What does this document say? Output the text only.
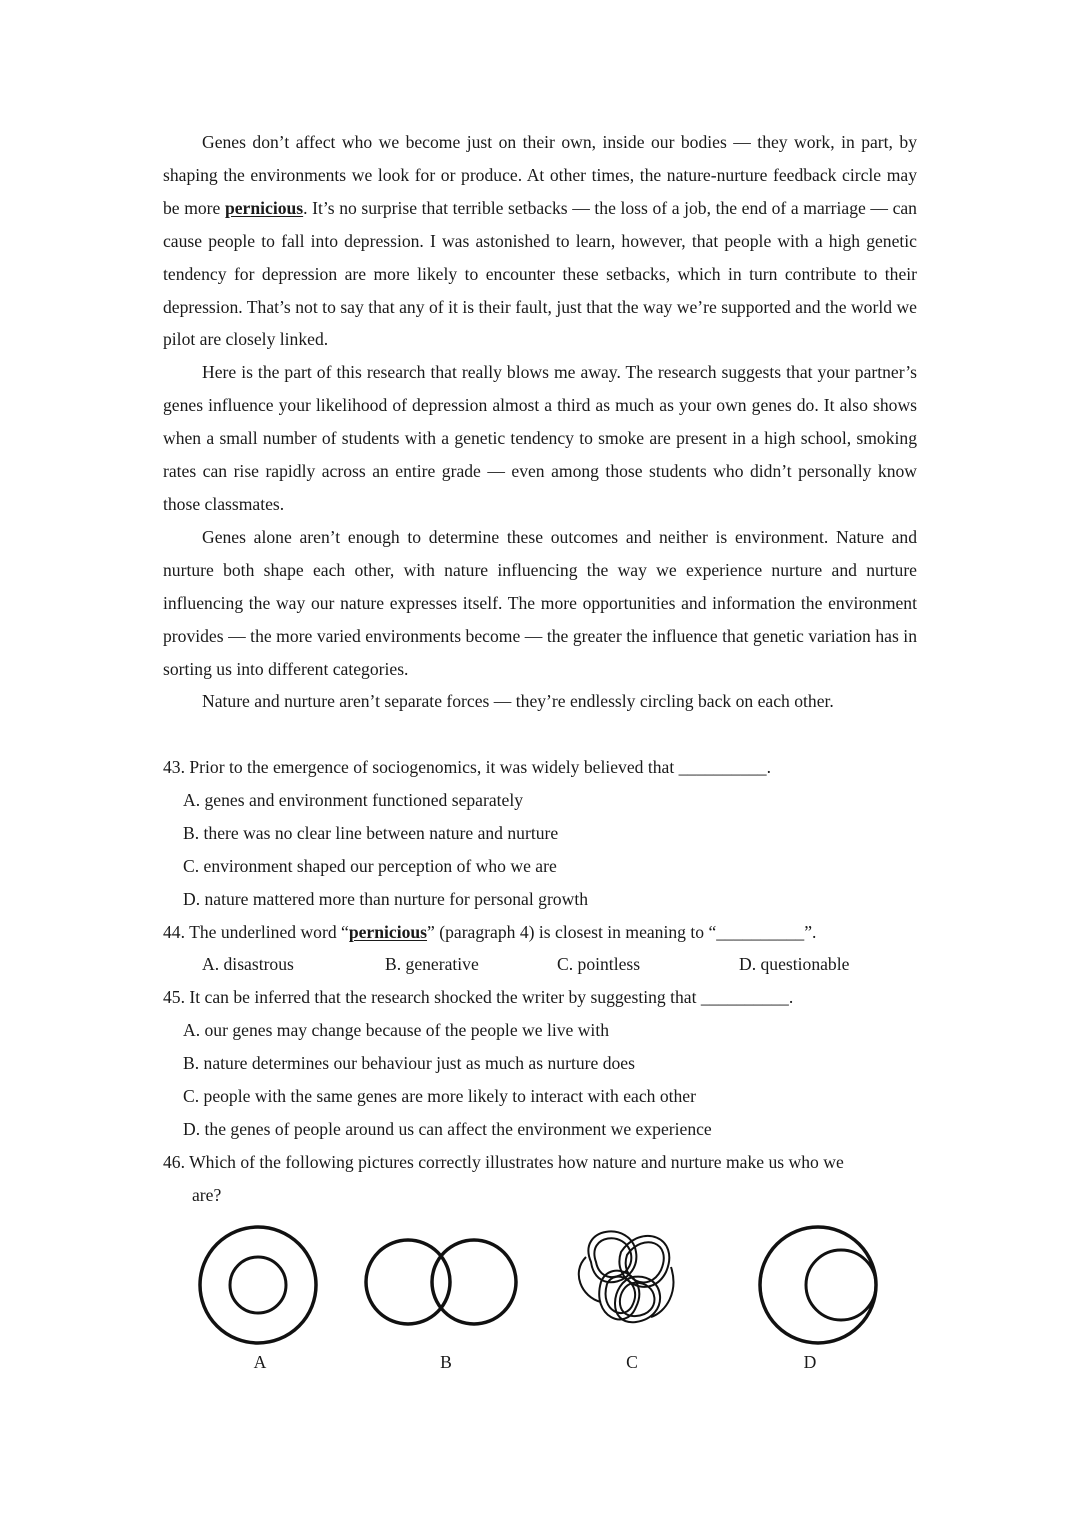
Genes don’t affect who we become just on their own, inside our bodies — they work, in part, by shaping the environments we look for or produce. At other times, the nature-nurture feedback circle may be more pernicious. It’s no surprise that terrible setbacks — the loss of a job, the end of a marriage — can cause people to fall into depression. I was astonished to learn, however, that people with a high genetic tendency for depression are more likely to encounter these setbacks, which in turn contribute to their depression. That’s not to say that any of it is their fault, just that the way we’re supported and the world we pilot are closely linked.

Here is the part of this research that really blows me away. The research suggests that your partner’s genes influence your likelihood of depression almost a third as much as your own genes do. It also shows when a small number of students with a genetic tendency to smoke are present in a high school, smoking rates can rise rapidly across an entire grade — even among those students who didn’t personally know those classmates.

Genes alone aren’t enough to determine these outcomes and neither is environment. Nature and nurture both shape each other, with nature influencing the way we experience nurture and nurture influencing the way our nature expresses itself. The more opportunities and information the environment provides — the more varied environments become — the greater the influence that genetic variation has in sorting us into different categories.

Nature and nurture aren’t separate forces — they’re endlessly circling back on each other.

43. Prior to the emergence of sociogenomics, it was widely believed that __________.

A. genes and environment functioned separately

B. there was no clear line between nature and nurture

C. environment shaped our perception of who we are

D. nature mattered more than nurture for personal growth

44. The underlined word “pernicious” (paragraph 4) is closest in meaning to “__________”.

A. disastrous	B. generative	C. pointless	D. questionable

45. It can be inferred that the research shocked the writer by suggesting that __________.

A. our genes may change because of the people we live with

B. nature determines our behaviour just as much as nurture does

C. people with the same genes are more likely to interact with each other

D. the genes of people around us can affect the environment we experience

46. Which of the following pictures correctly illustrates how nature and nurture make us who we

are?

A	B	C	D
